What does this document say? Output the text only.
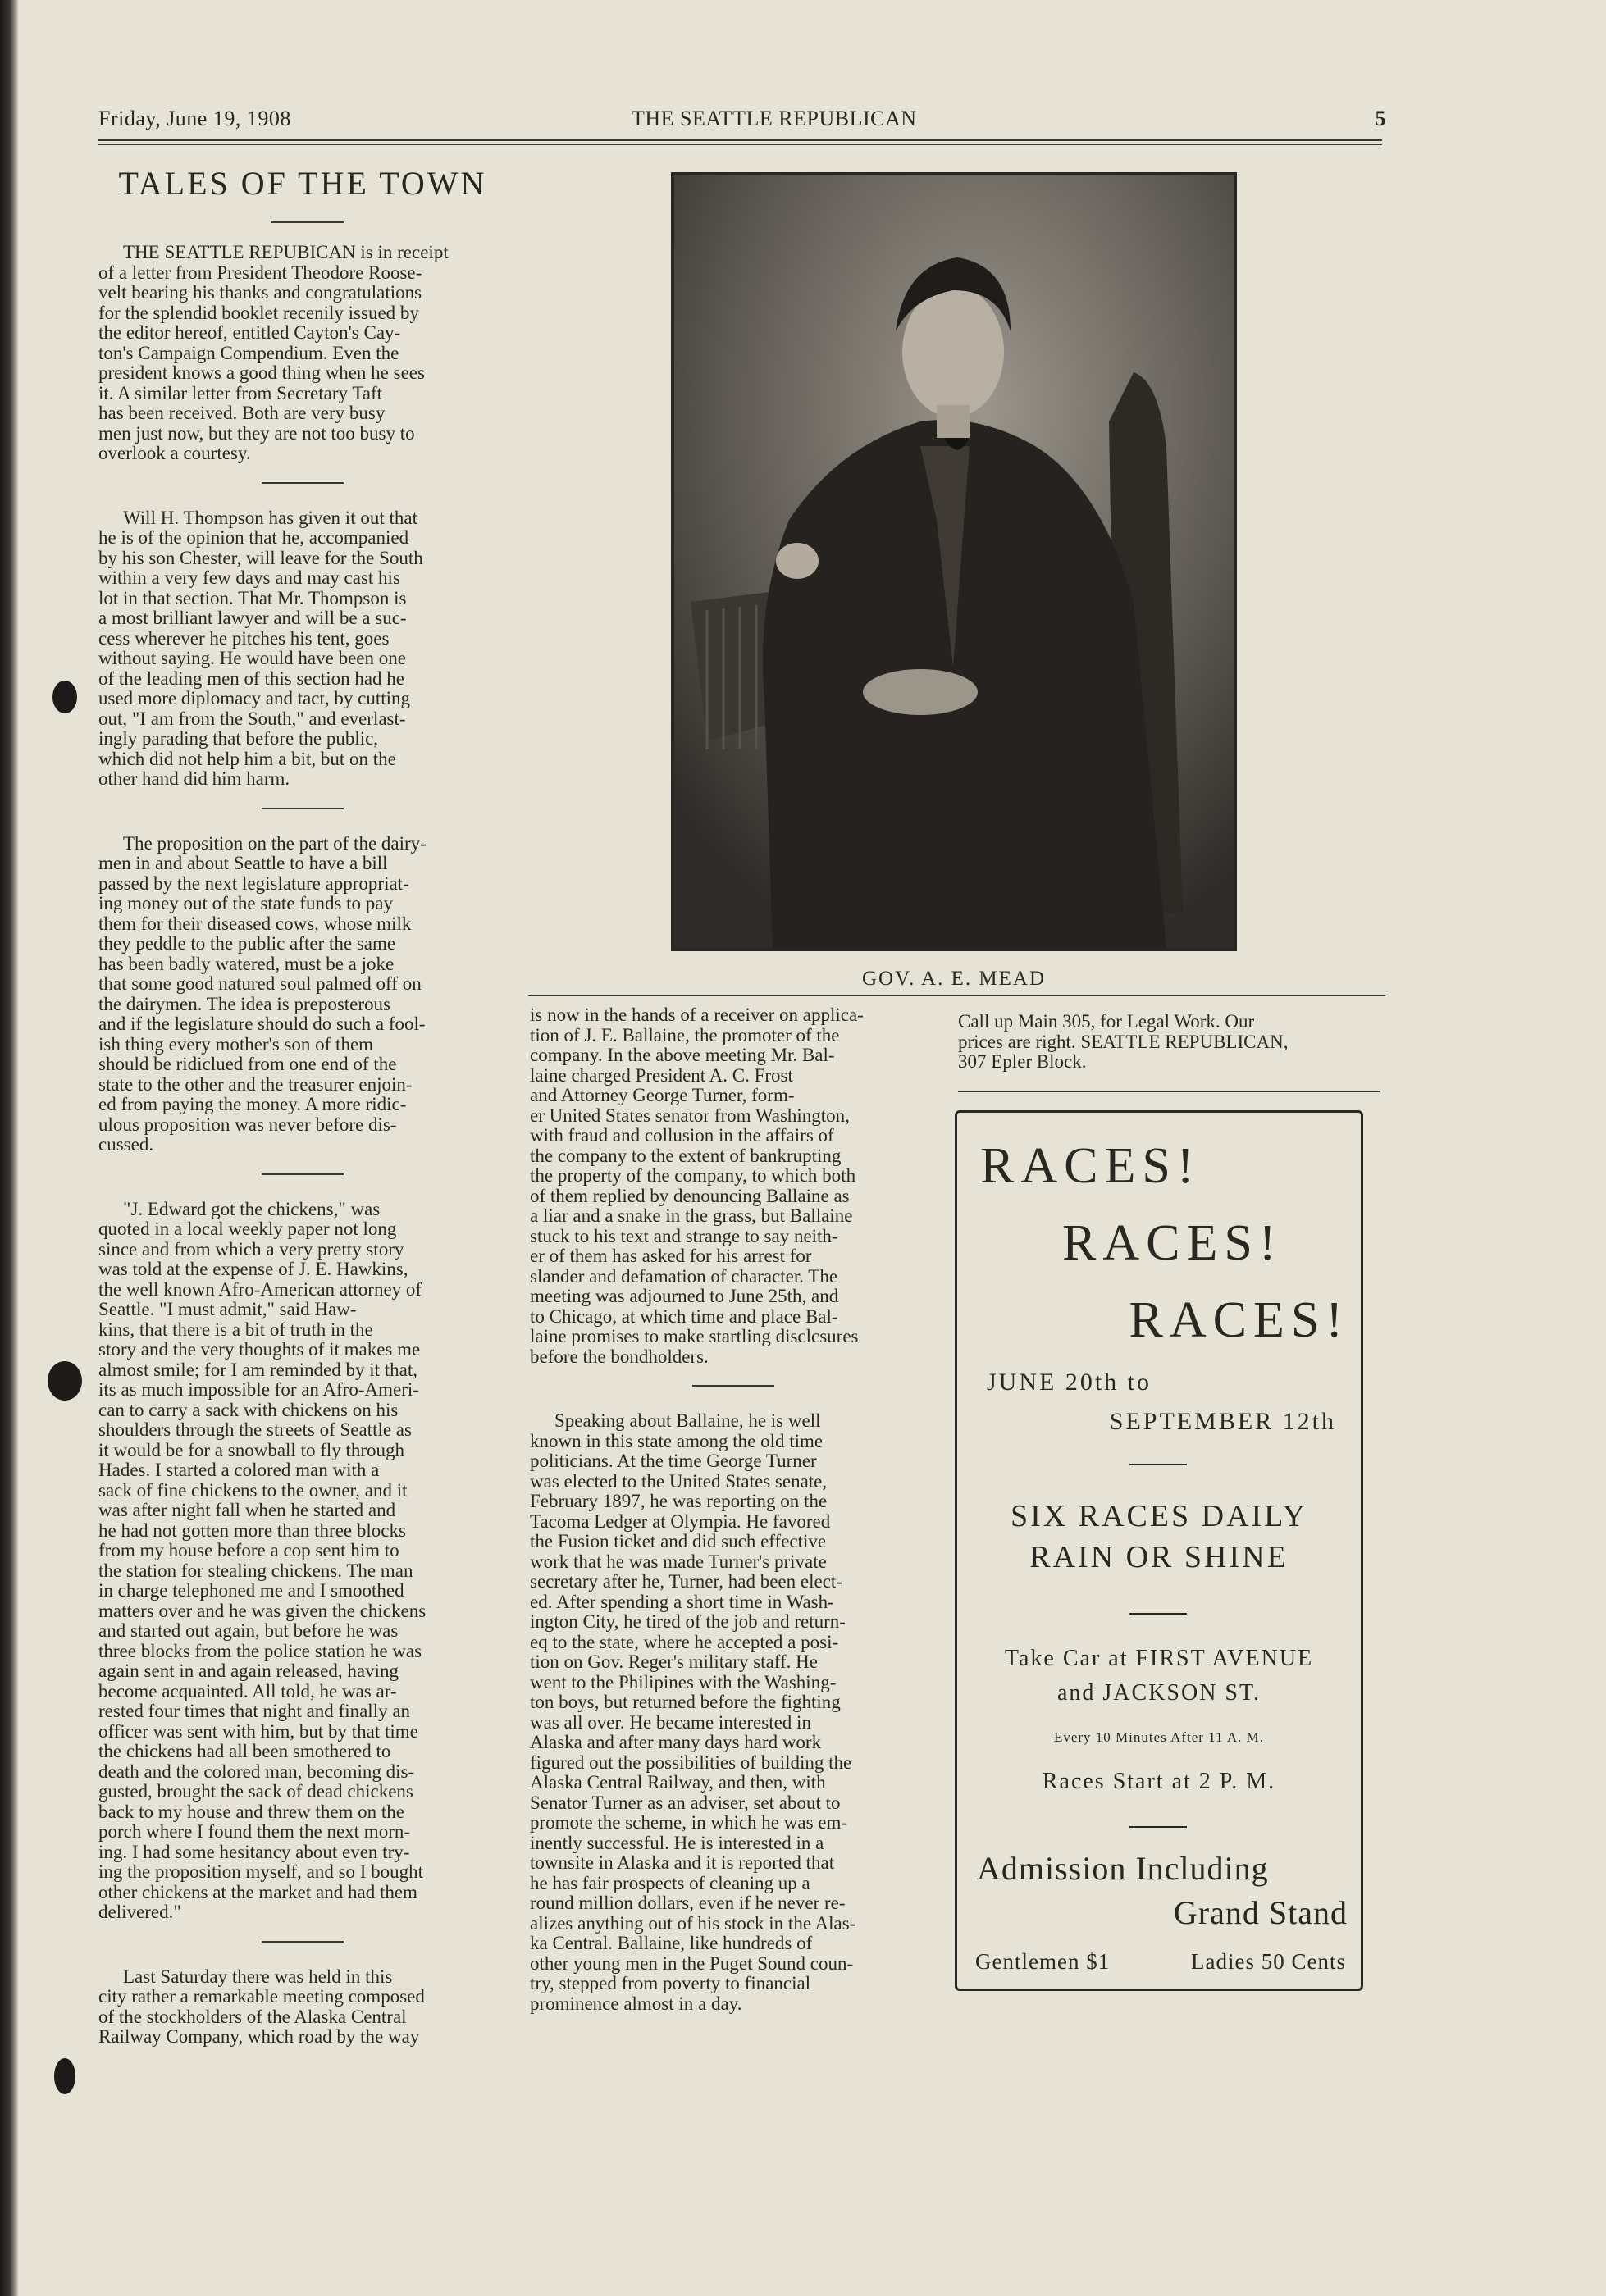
Friday, June 19, 1908	THE SEATTLE REPUBLICAN	5
TALES OF THE TOWN

THE SEATTLE REPUBICAN is in receipt
of a letter from President Theodore Roose-
velt bearing his thanks and congratulations
for the splendid booklet recenily issued by
the editor hereof, entitled Cayton's Cay-
ton's Campaign Compendium. Even the
president knows a good thing when he sees
it. A similar letter from Secretary Taft
has been received. Both are very busy
men just now, but they are not too busy to
overlook a courtesy.

Will H. Thompson has given it out that
he is of the opinion that he, accompanied
by his son Chester, will leave for the South
within a very few days and may cast his
lot in that section. That Mr. Thompson is
a most brilliant lawyer and will be a suc-
cess wherever he pitches his tent, goes
without saying. He would have been one
of the leading men of this section had he
used more diplomacy and tact, by cutting
out, "I am from the South," and everlast-
ingly parading that before the public,
which did not help him a bit, but on the
other hand did him harm.

The proposition on the part of the dairy-
men in and about Seattle to have a bill
passed by the next legislature appropriat-
ing money out of the state funds to pay
them for their diseased cows, whose milk
they peddle to the public after the same
has been badly watered, must be a joke
that some good natured soul palmed off on
the dairymen. The idea is preposterous
and if the legislature should do such a fool-
ish thing every mother's son of them
should be ridiclued from one end of the
state to the other and the treasurer enjoin-
ed from paying the money. A more ridic-
ulous proposition was never before dis-
cussed.

"J. Edward got the chickens," was
quoted in a local weekly paper not long
since and from which a very pretty story
was told at the expense of J. E. Hawkins,
the well known Afro-American attorney of
Seattle. "I must admit," said Haw-
kins, that there is a bit of truth in the
story and the very thoughts of it makes me
almost smile; for I am reminded by it that,
its as much impossible for an Afro-Ameri-
can to carry a sack with chickens on his
shoulders through the streets of Seattle as
it would be for a snowball to fly through
Hades. I started a colored man with a
sack of fine chickens to the owner, and it
was after night fall when he started and
he had not gotten more than three blocks
from my house before a cop sent him to
the station for stealing chickens. The man
in charge telephoned me and I smoothed
matters over and he was given the chickens
and started out again, but before he was
three blocks from the police station he was
again sent in and again released, having
become acquainted. All told, he was ar-
rested four times that night and finally an
officer was sent with him, but by that time
the chickens had all been smothered to
death and the colored man, becoming dis-
gusted, brought the sack of dead chickens
back to my house and threw them on the
porch where I found them the next morn-
ing. I had some hesitancy about even try-
ing the proposition myself, and so I bought
other chickens at the market and had them
delivered."

Last Saturday there was held in this
city rather a remarkable meeting composed
of the stockholders of the Alaska Central
Railway Company, which road by the way

GOV. A. E. MEAD

is now in the hands of a receiver on applica-
tion of J. E. Ballaine, the promoter of the
company. In the above meeting Mr. Bal-
laine charged President A. C. Frost
and Attorney George Turner, form-
er United States senator from Washington,
with fraud and collusion in the affairs of
the company to the extent of bankrupting
the property of the company, to which both
of them replied by denouncing Ballaine as
a liar and a snake in the grass, but Ballaine
stuck to his text and strange to say neith-
er of them has asked for his arrest for
slander and defamation of character. The
meeting was adjourned to June 25th, and
to Chicago, at which time and place Bal-
laine promises to make startling disclcsures
before the bondholders.

Speaking about Ballaine, he is well
known in this state among the old time
politicians. At the time George Turner
was elected to the United States senate,
February 1897, he was reporting on the
Tacoma Ledger at Olympia. He favored
the Fusion ticket and did such effective
work that he was made Turner's private
secretary after he, Turner, had been elect-
ed. After spending a short time in Wash-
ington City, he tired of the job and return-
eq to the state, where he accepted a posi-
tion on Gov. Reger's military staff. He
went to the Philipines with the Washing-
ton boys, but returned before the fighting
was all over. He became interested in
Alaska and after many days hard work
figured out the possibilities of building the
Alaska Central Railway, and then, with
Senator Turner as an adviser, set about to
promote the scheme, in which he was em-
inently successful. He is interested in a
townsite in Alaska and it is reported that
he has fair prospects of cleaning up a
round million dollars, even if he never re-
alizes anything out of his stock in the Alas-
ka Central. Ballaine, like hundreds of
other young men in the Puget Sound coun-
try, stepped from poverty to financial
prominence almost in a day.

Call up Main 305, for Legal Work. Our
prices are right. SEATTLE REPUBLICAN,
307 Epler Block.
RACES!
RACES!
RACES!
JUNE 20th to
SEPTEMBER 12th
SIX RACES DAILY
RAIN OR SHINE
Take Car at FIRST AVENUE
and JACKSON ST.
Every 10 Minutes After 11 A. M.
Races Start at 2 P. M.
Admission Including
Grand Stand
Gentlemen $1	Ladies 50 Cents
